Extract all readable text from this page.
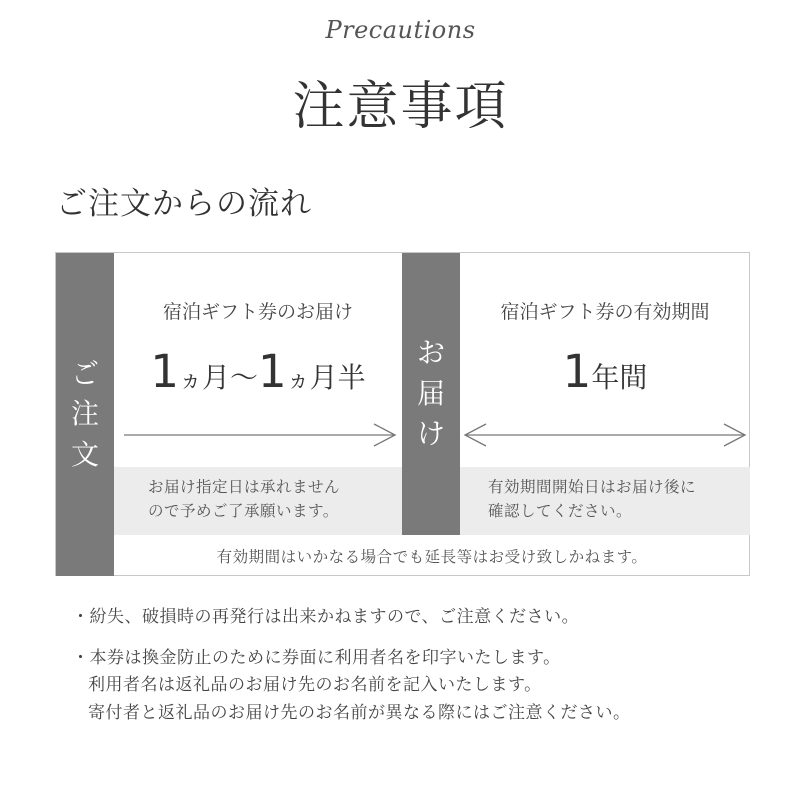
Precautions
注意事項
ご注文からの流れ
ご
注
文
宿泊ギフト券のお届け
1ヵ月〜1ヵ月半
お届け指定日は承れません
ので予めご了承願います。
お
届
け
宿泊ギフト券の有効期間
1年間
有効期間開始日はお届け後に
確認してください。
有効期間はいかなる場合でも延長等はお受け致しかねます。
・紛失、破損時の再発行は出来かねますので、ご注意ください。
・本券は換金防止のために券面に利用者名を印字いたします。
利用者名は返礼品のお届け先のお名前を記入いたします。
寄付者と返礼品のお届け先のお名前が異なる際にはご注意ください。
